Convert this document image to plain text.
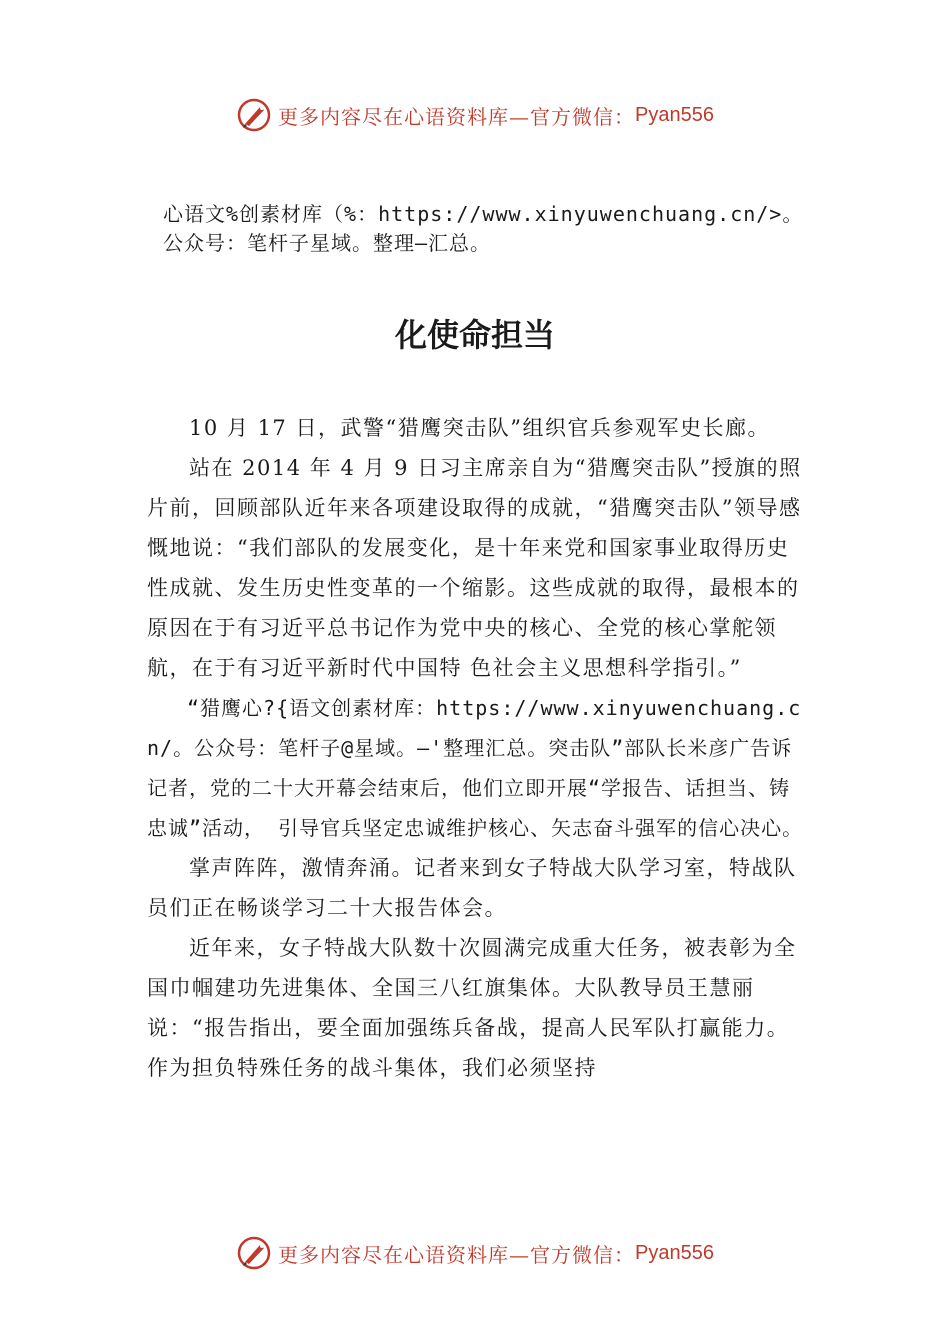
更多内容尽在心语资料库—官方微信： Pyan556
心语文%创素材库（%：https://www.xinyuwenchuang.cn/>。公众号：笔杆子星域。整理—汇总。
化使命担当

10 月 17 日，武警“猎鹰突击队”组织官兵参观军史长廊。

站在 2014 年 4 月 9 日习主席亲自为“猎鹰突击队”授旗的照片前，回顾部队近年来各项建设取得的成就，“猎鹰突击队”领导感慨地说：“我们部队的发展变化，是十年来党和国家事业取得历史性成就、发生历史性变革的一个缩影。这些成就的取得，最根本的原因在于有习近平总书记作为党中央的核心、全党的核心掌舵领航，在于有习近平新时代中国特 色社会主义思想科学指引。”

“猎鹰心?{语文创素材库：https://www.xinyuwenchuang.cn/。公众号：笔杆子@星域。—'整理汇总。突击队”部队长米彦广告诉记者，党的二十大开幕会结束后，他们立即开展“学报告、话担当、铸忠诚”活动， 引导官兵坚定忠诚维护核心、矢志奋斗强军的信心决心。

掌声阵阵，激情奔涌。记者来到女子特战大队学习室，特战队员们正在畅谈学习二十大报告体会。

近年来，女子特战大队数十次圆满完成重大任务，被表彰为全国巾帼建功先进集体、全国三八红旗集体。大队教导员王慧丽说：“报告指出，要全面加强练兵备战，提高人民军队打赢能力。作为担负特殊任务的战斗集体，我们必须坚持

更多内容尽在心语资料库—官方微信： Pyan556
